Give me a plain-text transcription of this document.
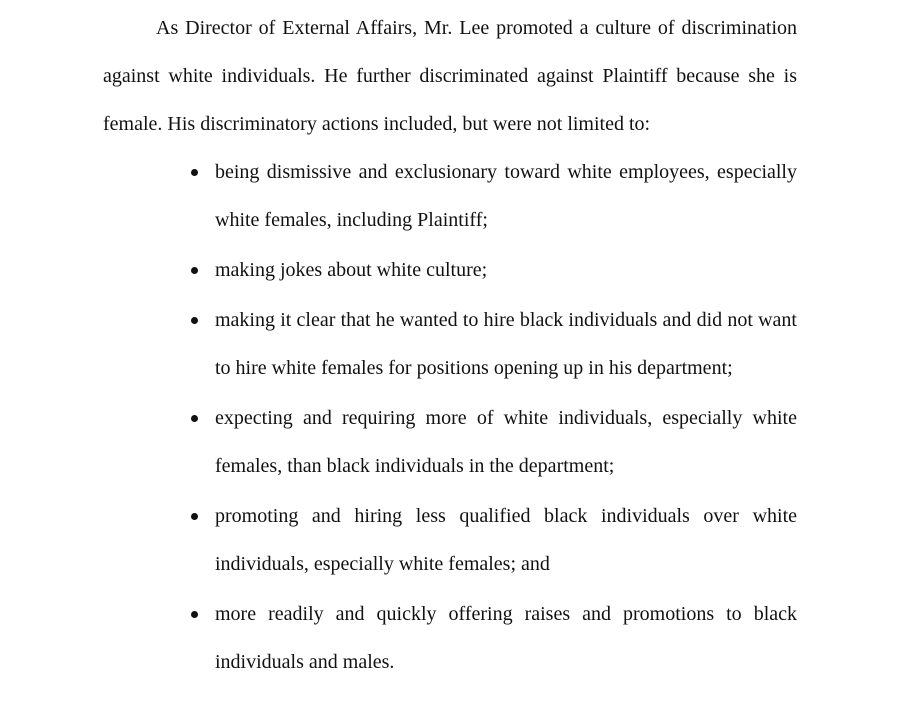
As Director of External Affairs, Mr. Lee promoted a culture of discrimination against white individuals. He further discriminated against Plaintiff because she is female. His discriminatory actions included, but were not limited to:

being dismissive and exclusionary toward white employees, especially white females, including Plaintiff;
making jokes about white culture;
making it clear that he wanted to hire black individuals and did not want to hire white females for positions opening up in his department;
expecting and requiring more of white individuals, especially white females, than black individuals in the department;
promoting and hiring less qualified black individuals over white individuals, especially white females; and
more readily and quickly offering raises and promotions to black individuals and males.
